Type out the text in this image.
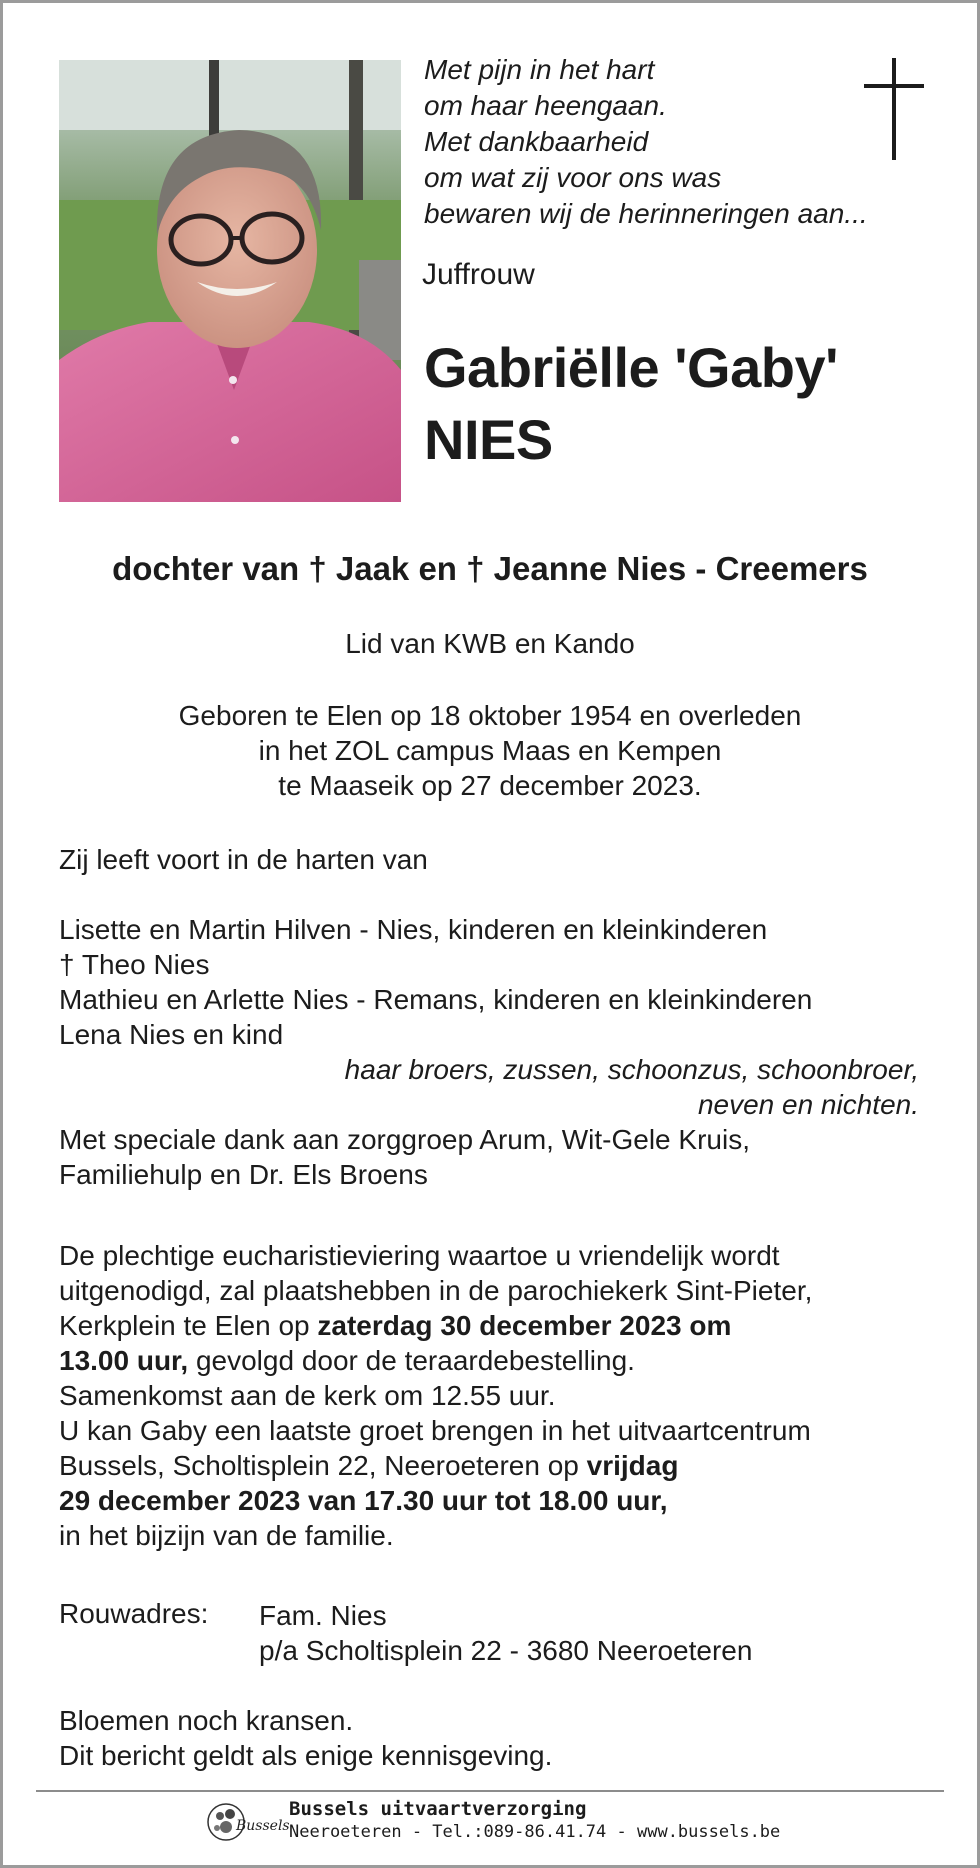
Met pijn in het hart
om haar heengaan.
Met dankbaarheid
om wat zij voor ons was
bewaren wij de herinneringen aan...
Juffrouw
Gabriëlle 'Gaby'
NIES
dochter van † Jaak en † Jeanne Nies - Creemers
Lid van KWB en Kando
Geboren te Elen op 18 oktober 1954 en overleden
in het ZOL campus Maas en Kempen
te Maaseik op 27 december 2023.
Zij leeft voort in de harten van
Lisette en Martin Hilven - Nies, kinderen en kleinkinderen
† Theo Nies
Mathieu en Arlette Nies - Remans, kinderen en kleinkinderen
Lena Nies en kind
haar broers, zussen, schoonzus, schoonbroer,
neven en nichten.
Met speciale dank aan zorggroep Arum, Wit-Gele Kruis,
Familiehulp en Dr. Els Broens
De plechtige eucharistieviering waartoe u vriendelijk wordt
uitgenodigd, zal plaatshebben in de parochiekerk Sint-Pieter,
Kerkplein te Elen op zaterdag 30 december 2023 om
13.00 uur, gevolgd door de teraardebestelling.
Samenkomst aan de kerk om 12.55 uur.
U kan Gaby een laatste groet brengen in het uitvaartcentrum
Bussels, Scholtisplein 22, Neeroeteren op vrijdag
29 december 2023 van 17.30 uur tot 18.00 uur,
in het bijzijn van de familie.
Rouwadres: Fam. Nies
p/a Scholtisplein 22 - 3680 Neeroeteren
Bloemen noch kransen.
Dit bericht geldt als enige kennisgeving.
Bussels
Bussels uitvaartverzorging
Neeroeteren - Tel.:089-86.41.74 - www.bussels.be
